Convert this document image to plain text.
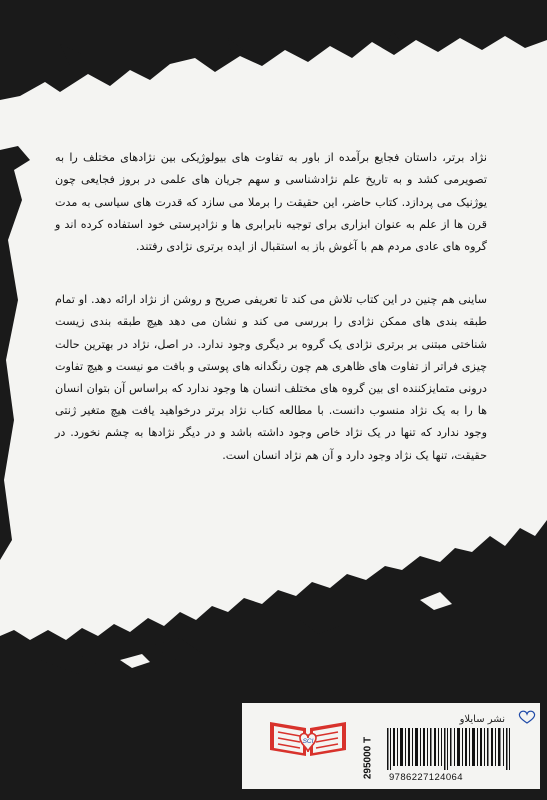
نژاد برتر، داستان فجایع برآمده از باور به تفاوت های بیولوژیکی بین نژادهای مختلف را به تصویرمی کشد و به تاریخ علم نژادشناسی و سهم جریان های علمی در بروز فجایعی چون یوژنیک می پردازد. کتاب حاضر، این حقیقت را برملا می سازد که قدرت های سیاسی به مدت قرن ها از علم به عنوان ابزاری برای توجیه نابرابری ها و نژادپرستی خود استفاده کرده اند و گروه های عادی مردم هم با آغوش باز به استقبال از ایده برتری نژادی رفتند.

ساینی هم چنین در این کتاب تلاش می کند تا تعریفی صریح و روشن از نژاد ارائه دهد. او تمام طبقه بندی های ممکن نژادی را بررسی می کند و نشان می دهد هیچ طبقه بندی زیست شناختی مبتنی بر برتری نژادی یک گروه بر دیگری وجود ندارد. در اصل، نژاد در بهترین حالت چیزی فراتر از تفاوت های ظاهری هم چون رنگدانه های پوستی و بافت مو نیست و هیچ تفاوت درونی متمایزکننده ای بین گروه های مختلف انسان ها وجود ندارد که براساس آن بتوان انسان ها را به یک نژاد منسوب دانست. با مطالعه کتاب نژاد برتر درخواهید یافت هیچ متغیر ژنتی وجود ندارد که تنها در یک نژاد خاص وجود داشته باشد و در دیگر نژادها به چشم نخورد. در حقیقت، تنها یک نژاد وجود دارد و آن هم نژاد انسان است.

SCI
نشر سایلاو
9786227124064
295000 T
